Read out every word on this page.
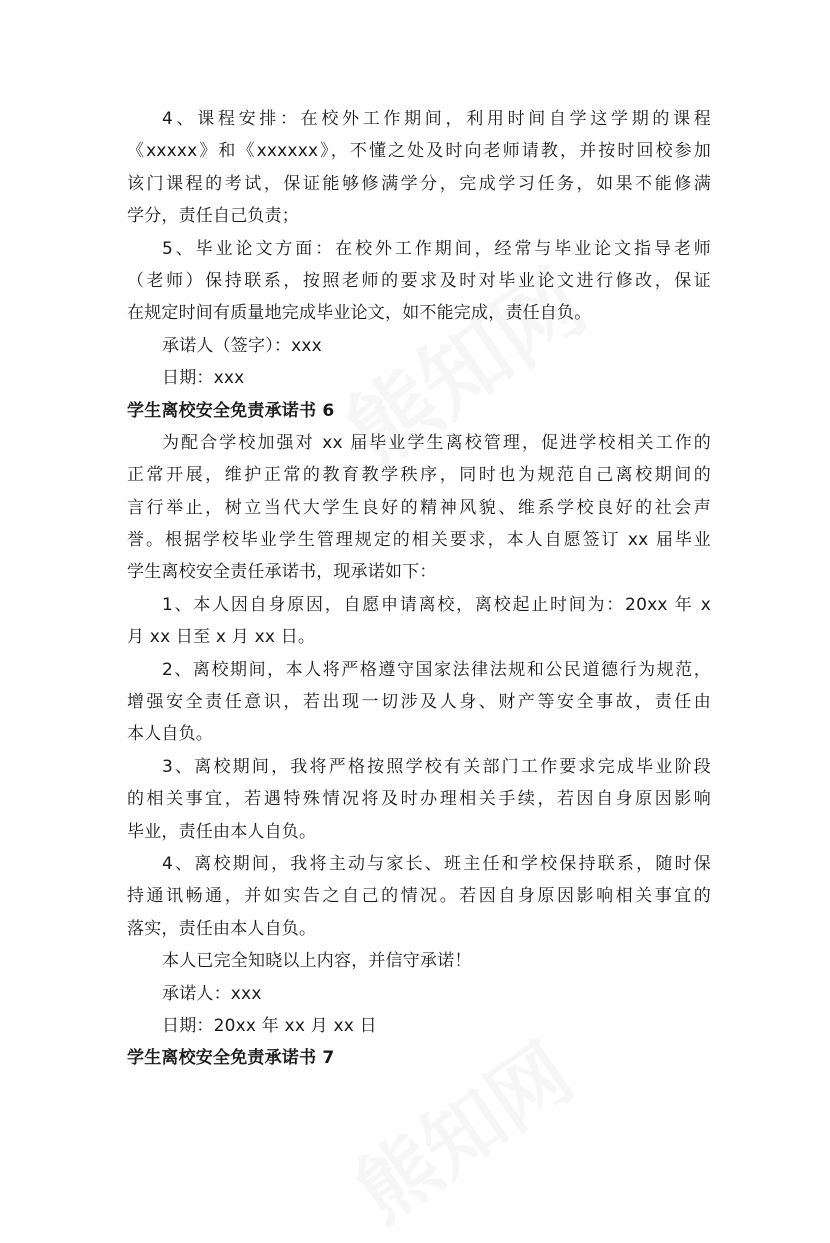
4、课程安排：在校外工作期间，利用时间自学这学期的课程
《xxxxx》和《xxxxxx》，不懂之处及时向老师请教，并按时回校参加
该门课程的考试，保证能够修满学分，完成学习任务，如果不能修满
学分，责任自己负责；
5、毕业论文方面：在校外工作期间，经常与毕业论文指导老师
（老师）保持联系，按照老师的要求及时对毕业论文进行修改，保证
在规定时间有质量地完成毕业论文，如不能完成，责任自负。
承诺人（签字）：xxx
日期：xxx
学生离校安全免责承诺书 6
为配合学校加强对 xx 届毕业学生离校管理，促进学校相关工作的
正常开展，维护正常的教育教学秩序，同时也为规范自己离校期间的
言行举止，树立当代大学生良好的精神风貌、维系学校良好的社会声
誉。根据学校毕业学生管理规定的相关要求，本人自愿签订 xx 届毕业
学生离校安全责任承诺书，现承诺如下：
1、本人因自身原因，自愿申请离校，离校起止时间为：20xx 年 x
月 xx 日至 x 月 xx 日。
2、离校期间，本人将严格遵守国家法律法规和公民道德行为规范，
增强安全责任意识，若出现一切涉及人身、财产等安全事故，责任由
本人自负。
3、离校期间，我将严格按照学校有关部门工作要求完成毕业阶段
的相关事宜，若遇特殊情况将及时办理相关手续，若因自身原因影响
毕业，责任由本人自负。
4、离校期间，我将主动与家长、班主任和学校保持联系，随时保
持通讯畅通，并如实告之自己的情况。若因自身原因影响相关事宜的
落实，责任由本人自负。
本人已完全知晓以上内容，并信守承诺！
承诺人：xxx
日期：20xx 年 xx 月 xx 日
学生离校安全免责承诺书 7
